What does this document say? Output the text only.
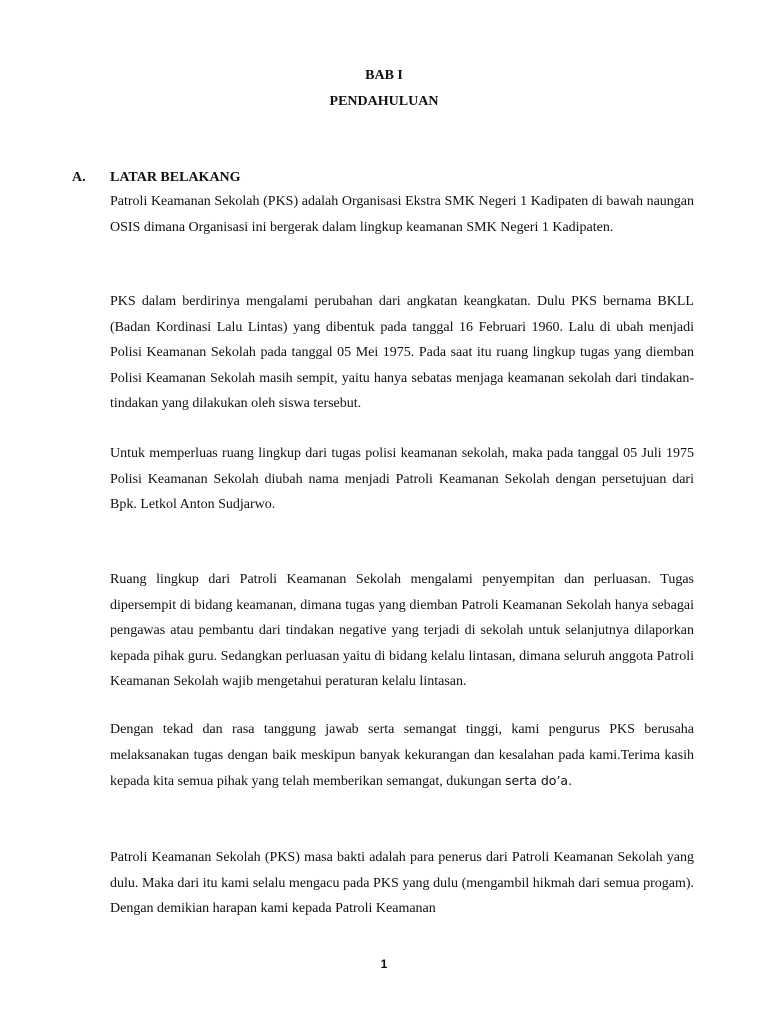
BAB I
PENDAHULUAN
A. LATAR BELAKANG

Patroli Keamanan Sekolah (PKS) adalah Organisasi Ekstra SMK Negeri 1 Kadipaten di bawah naungan OSIS dimana Organisasi ini bergerak dalam lingkup keamanan SMK Negeri 1 Kadipaten.

PKS dalam berdirinya mengalami perubahan dari angkatan keangkatan. Dulu PKS bernama BKLL (Badan Kordinasi Lalu Lintas) yang dibentuk pada tanggal 16 Februari 1960. Lalu di ubah menjadi Polisi Keamanan Sekolah pada tanggal 05 Mei 1975. Pada saat itu ruang lingkup tugas yang diemban Polisi Keamanan Sekolah masih sempit, yaitu hanya sebatas menjaga keamanan sekolah dari tindakan-tindakan yang dilakukan oleh siswa tersebut.

Untuk memperluas ruang lingkup dari tugas polisi keamanan sekolah, maka pada tanggal 05 Juli 1975 Polisi Keamanan Sekolah diubah nama menjadi Patroli Keamanan Sekolah dengan persetujuan dari Bpk. Letkol Anton Sudjarwo.

Ruang lingkup dari Patroli Keamanan Sekolah mengalami penyempitan dan perluasan. Tugas dipersempit di bidang keamanan, dimana tugas yang diemban Patroli Keamanan Sekolah hanya sebagai pengawas atau pembantu dari tindakan negative yang terjadi di sekolah untuk selanjutnya dilaporkan kepada pihak guru. Sedangkan perluasan yaitu di bidang kelalu lintasan, dimana seluruh anggota Patroli Keamanan Sekolah wajib mengetahui peraturan kelalu lintasan.

Dengan tekad dan rasa tanggung jawab serta semangat tinggi, kami pengurus PKS berusaha melaksanakan tugas dengan baik meskipun banyak kekurangan dan kesalahan pada kami.Terima kasih kepada kita semua pihak yang telah memberikan semangat, dukungan serta do’a.

Patroli Keamanan Sekolah (PKS) masa bakti adalah para penerus dari Patroli Keamanan Sekolah yang dulu. Maka dari itu kami selalu mengacu pada PKS yang dulu (mengambil hikmah dari semua progam). Dengan demikian harapan kami kepada Patroli Keamanan

1
